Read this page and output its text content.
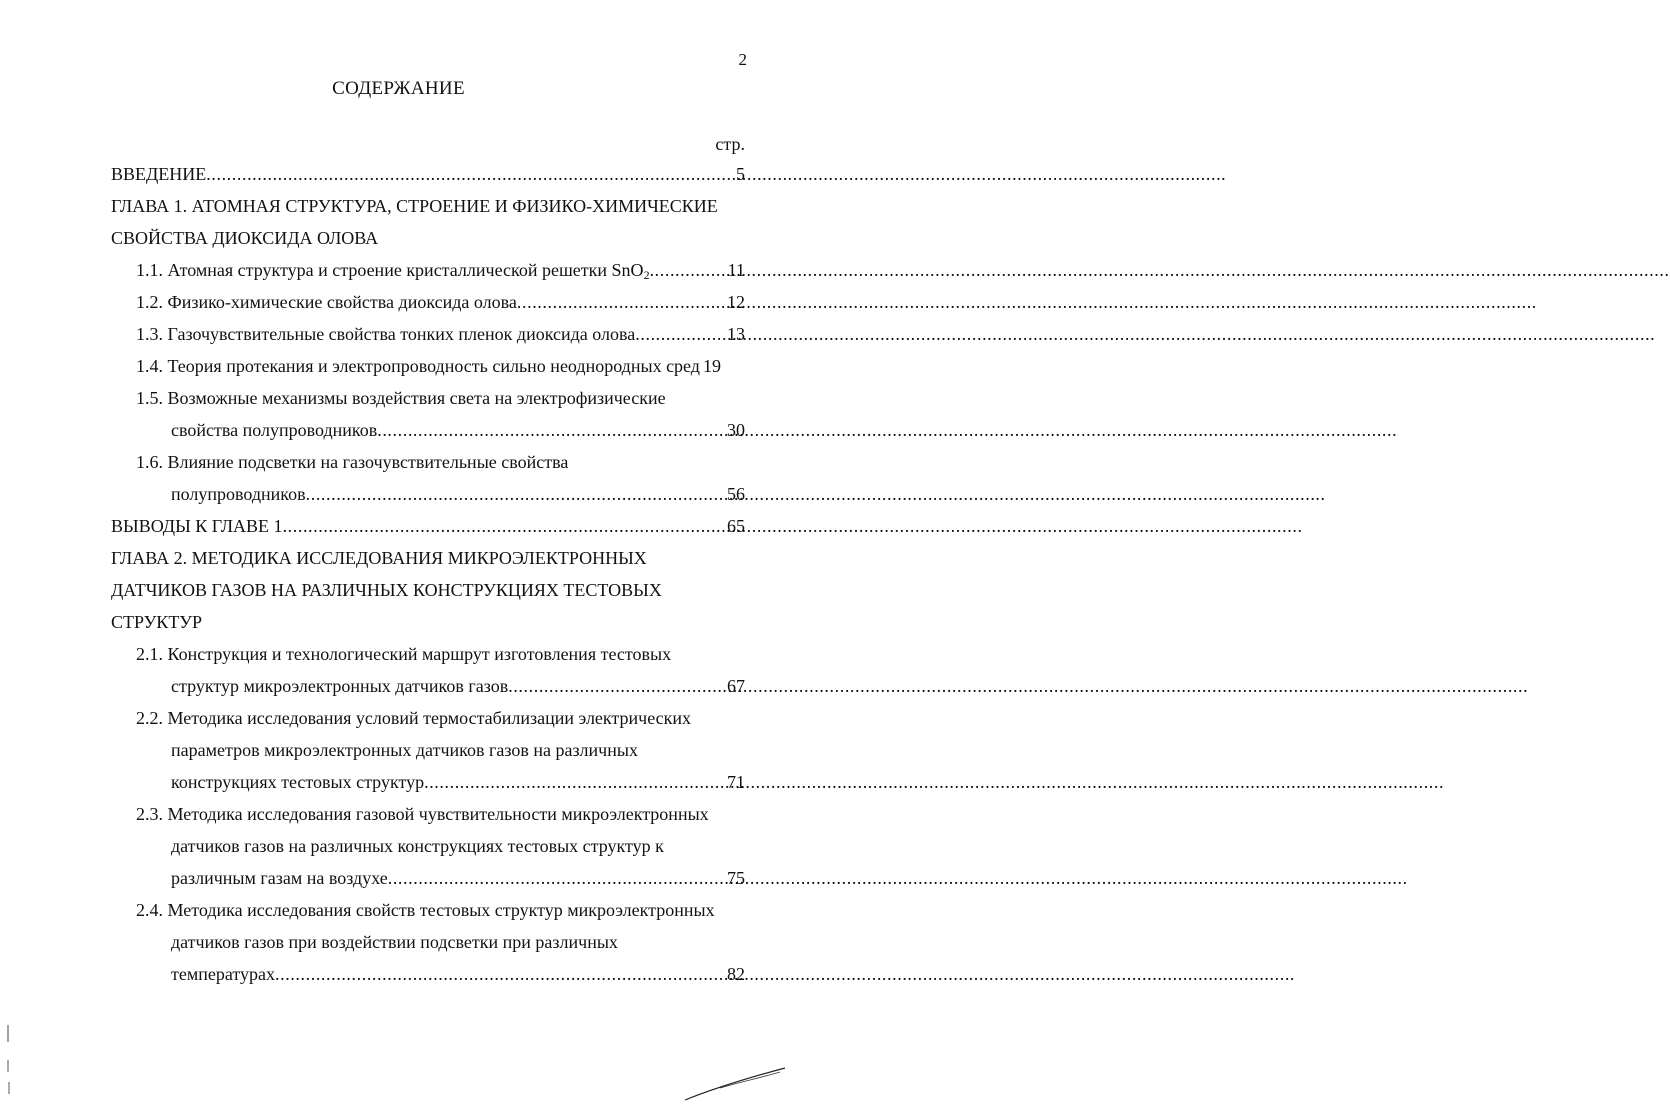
2
СОДЕРЖАНИЕ
стр.
ВВЕДЕНИЕ .....	5
ГЛАВА 1. АТОМНАЯ СТРУКТУРА, СТРОЕНИЕ И ФИЗИКО-ХИМИЧЕСКИЕ
СВОЙСТВА ДИОКСИДА ОЛОВА
1.1. Атомная структура и строение кристаллической решетки SnO$_2$ .....	11
1.2. Физико-химические свойства диоксида олова .....	12
1.3. Газочувствительные свойства тонких пленок диоксида олова .....	13
1.4. Теория протекания и электропроводность сильно неоднородных сред 19
1.5. Возможные механизмы воздействия света на электрофизические
свойства полупроводников .....	30
1.6. Влияние подсветки на газочувствительные свойства
полупроводников .....	56
ВЫВОДЫ К ГЛАВЕ 1 .....	65
ГЛАВА 2. МЕТОДИКА ИССЛЕДОВАНИЯ МИКРОЭЛЕКТРОННЫХ
ДАТЧИКОВ ГАЗОВ НА РАЗЛИЧНЫХ КОНСТРУКЦИЯХ ТЕСТОВЫХ
СТРУКТУР
2.1. Конструкция и технологический маршрут изготовления тестовых
структур микроэлектронных датчиков газов .....	67
2.2. Методика исследования условий термостабилизации электрических
параметров микроэлектронных датчиков газов на различных
конструкциях тестовых структур .....	71
2.3. Методика исследования газовой чувствительности микроэлектронных
датчиков газов на различных конструкциях тестовых структур к
различным газам на воздухе .....	75
2.4. Методика исследования свойств тестовых структур микроэлектронных
датчиков газов при воздействии подсветки при различных
температурах .....	82
